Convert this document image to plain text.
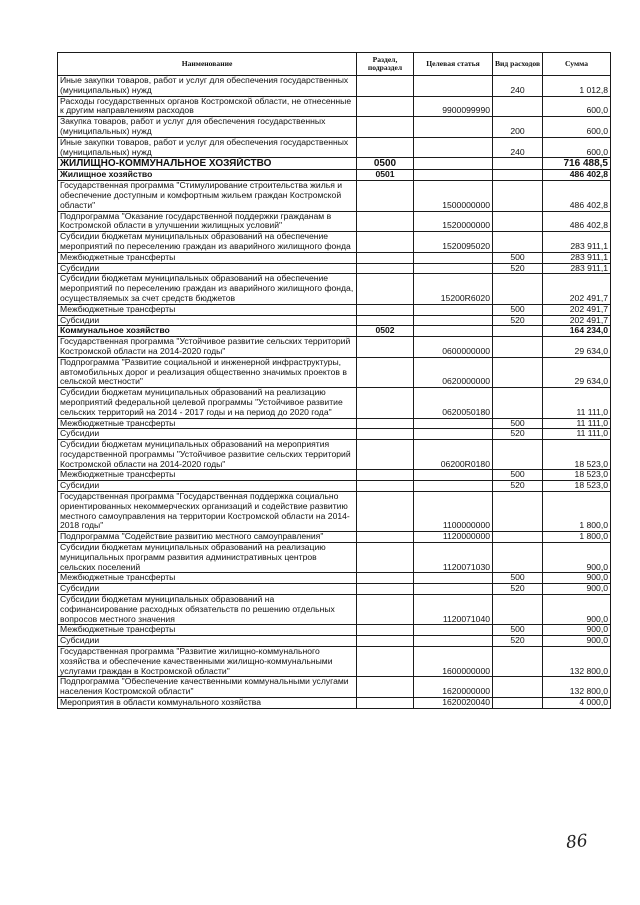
Наименование	Раздел, подраздел	Целевая статья	Вид расходов	Сумма
Иные закупки товаров, работ и услуг для обеспечения государственных (муниципальных) нужд			240	1 012,8
Расходы государственных органов Костромской области, не отнесенные к другим направлениям расходов		9900099990		600,0
Закупка товаров, работ и услуг для обеспечения государственных (муниципальных) нужд			200	600,0
Иные закупки товаров, работ и услуг для обеспечения государственных (муниципальных) нужд			240	600,0
ЖИЛИЩНО-КОММУНАЛЬНОЕ ХОЗЯЙСТВО	0500			716 488,5
Жилищное хозяйство	0501			486 402,8
Государственная программа "Стимулирование строительства жилья и обеспечение доступным и комфортным жильем граждан Костромской области"		1500000000		486 402,8
Подпрограмма "Оказание государственной поддержки гражданам в Костромской области в улучшении жилищных условий"		1520000000		486 402,8
Субсидии бюджетам муниципальных образований на обеспечение мероприятий по переселению граждан из аварийного жилищного фонда		1520095020		283 911,1
Межбюджетные трансферты			500	283 911,1
Субсидии			520	283 911,1
Субсидии бюджетам муниципальных образований на обеспечение мероприятий по переселению граждан из аварийного жилищного фонда, осуществляемых за счет средств бюджетов		15200R6020		202 491,7
Межбюджетные трансферты			500	202 491,7
Субсидии			520	202 491,7
Коммунальное хозяйство	0502			164 234,0
Государственная программа "Устойчивое развитие сельских территорий Костромской области на 2014-2020 годы"		0600000000		29 634,0
Подпрограмма "Развитие социальной и инженерной инфраструктуры, автомобильных дорог и реализация общественно значимых проектов в сельской местности"		0620000000		29 634,0
Субсидии бюджетам муниципальных образований на реализацию мероприятий федеральной целевой программы "Устойчивое развитие сельских территорий на 2014 - 2017 годы и на период до 2020 года"		0620050180		11 111,0
Межбюджетные трансферты			500	11 111,0
Субсидии			520	11 111,0
Субсидии бюджетам муниципальных образований на мероприятия государственной программы "Устойчивое развитие сельских территорий Костромской области на 2014-2020 годы"		06200R0180		18 523,0
Межбюджетные трансферты			500	18 523,0
Субсидии			520	18 523,0
Государственная программа "Государственная поддержка социально ориентированных некоммерческих организаций и содействие развитию местного самоуправления на территории Костромской области на 2014-2018 годы"		1100000000		1 800,0
Подпрограмма "Содействие развитию местного самоуправления"		1120000000		1 800,0
Субсидии бюджетам муниципальных образований на реализацию муниципальных программ развития административных центров сельских поселений		1120071030		900,0
Межбюджетные трансферты			500	900,0
Субсидии			520	900,0
Субсидии бюджетам муниципальных образований на софинансирование расходных обязательств по решению отдельных вопросов местного значения		1120071040		900,0
Межбюджетные трансферты			500	900,0
Субсидии			520	900,0
Государственная программа "Развитие жилищно-коммунального хозяйства и обеспечение качественными жилищно-коммунальными услугами граждан в Костромской области"		1600000000		132 800,0
Подпрограмма "Обеспечение качественными коммунальными услугами населения Костромской области"		1620000000		132 800,0
Мероприятия в области коммунального хозяйства		1620020040		4 000,0
86
